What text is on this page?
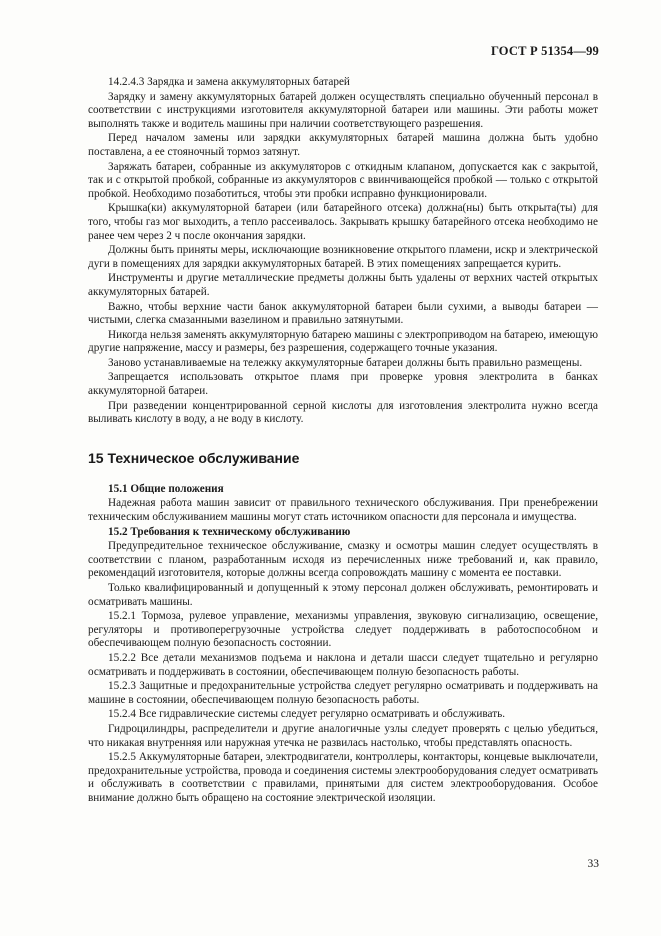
ГОСТ Р 51354—99

14.2.4.3 Зарядка и замена аккумуляторных батарей

Зарядку и замену аккумуляторных батарей должен осуществлять специально обученный персонал в соответствии с инструкциями изготовителя аккумуляторной батареи или машины. Эти работы может выполнять также и водитель машины при наличии соответствующего разрешения.

Перед началом замены или зарядки аккумуляторных батарей машина должна быть удобно поставлена, а ее стояночный тормоз затянут.

Заряжать батареи, собранные из аккумуляторов с откидным клапаном, допускается как с закрытой, так и с открытой пробкой, собранные из аккумуляторов с ввинчивающейся пробкой — только с открытой пробкой. Необходимо позаботиться, чтобы эти пробки исправно функционировали.

Крышка(ки) аккумуляторной батареи (или батарейного отсека) должна(ны) быть открыта(ты) для того, чтобы газ мог выходить, а тепло рассеивалось. Закрывать крышку батарейного отсека необходимо не ранее чем через 2 ч после окончания зарядки.

Должны быть приняты меры, исключающие возникновение открытого пламени, искр и электрической дуги в помещениях для зарядки аккумуляторных батарей. В этих помещениях запрещается курить.

Инструменты и другие металлические предметы должны быть удалены от верхних частей открытых аккумуляторных батарей.

Важно, чтобы верхние части банок аккумуляторной батареи были сухими, а выводы батареи — чистыми, слегка смазанными вазелином и правильно затянутыми.

Никогда нельзя заменять аккумуляторную батарею машины с электроприводом на батарею, имеющую другие напряжение, массу и размеры, без разрешения, содержащего точные указания.

Заново устанавливаемые на тележку аккумуляторные батареи должны быть правильно размещены.

Запрещается использовать открытое пламя при проверке уровня электролита в банках аккумуляторной батареи.

При разведении концентрированной серной кислоты для изготовления электролита нужно всегда выливать кислоту в воду, а не воду в кислоту.

15 Техническое обслуживание

15.1 Общие положения

Надежная работа машин зависит от правильного технического обслуживания. При пренебрежении техническим обслуживанием машины могут стать источником опасности для персонала и имущества.

15.2 Требования к техническому обслуживанию

Предупредительное техническое обслуживание, смазку и осмотры машин следует осуществлять в соответствии с планом, разработанным исходя из перечисленных ниже требований и, как правило, рекомендаций изготовителя, которые должны всегда сопровождать машину с момента ее поставки.

Только квалифицированный и допущенный к этому персонал должен обслуживать, ремонтировать и осматривать машины.

15.2.1 Тормоза, рулевое управление, механизмы управления, звуковую сигнализацию, освещение, регуляторы и противоперегрузочные устройства следует поддерживать в работоспособном и обеспечивающем полную безопасность состоянии.

15.2.2 Все детали механизмов подъема и наклона и детали шасси следует тщательно и регулярно осматривать и поддерживать в состоянии, обеспечивающем полную безопасность работы.

15.2.3 Защитные и предохранительные устройства следует регулярно осматривать и поддерживать на машине в состоянии, обеспечивающем полную безопасность работы.

15.2.4 Все гидравлические системы следует регулярно осматривать и обслуживать.

Гидроцилиндры, распределители и другие аналогичные узлы следует проверять с целью убедиться, что никакая внутренняя или наружная утечка не развилась настолько, чтобы представлять опасность.

15.2.5 Аккумуляторные батареи, электродвигатели, контроллеры, контакторы, концевые выключатели, предохранительные устройства, провода и соединения системы электрооборудования следует осматривать и обслуживать в соответствии с правилами, принятыми для систем электрооборудования. Особое внимание должно быть обращено на состояние электрической изоляции.

33
